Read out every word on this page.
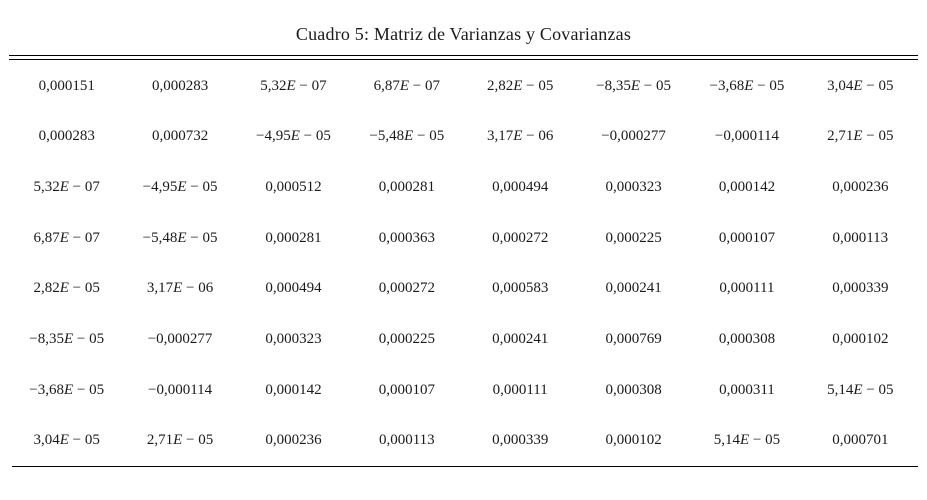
Cuadro 5: Matriz de Varianzas y Covarianzas
0,000151	0,000283	5,32E − 07	6,87E − 07	2,82E − 05	−8,35E − 05	−3,68E − 05	3,04E − 05
0,000283	0,000732	−4,95E − 05	−5,48E − 05	3,17E − 06	−0,000277	−0,000114	2,71E − 05
5,32E − 07	−4,95E − 05	0,000512	0,000281	0,000494	0,000323	0,000142	0,000236
6,87E − 07	−5,48E − 05	0,000281	0,000363	0,000272	0,000225	0,000107	0,000113
2,82E − 05	3,17E − 06	0,000494	0,000272	0,000583	0,000241	0,000111	0,000339
−8,35E − 05	−0,000277	0,000323	0,000225	0,000241	0,000769	0,000308	0,000102
−3,68E − 05	−0,000114	0,000142	0,000107	0,000111	0,000308	0,000311	5,14E − 05
3,04E − 05	2,71E − 05	0,000236	0,000113	0,000339	0,000102	5,14E − 05	0,000701
